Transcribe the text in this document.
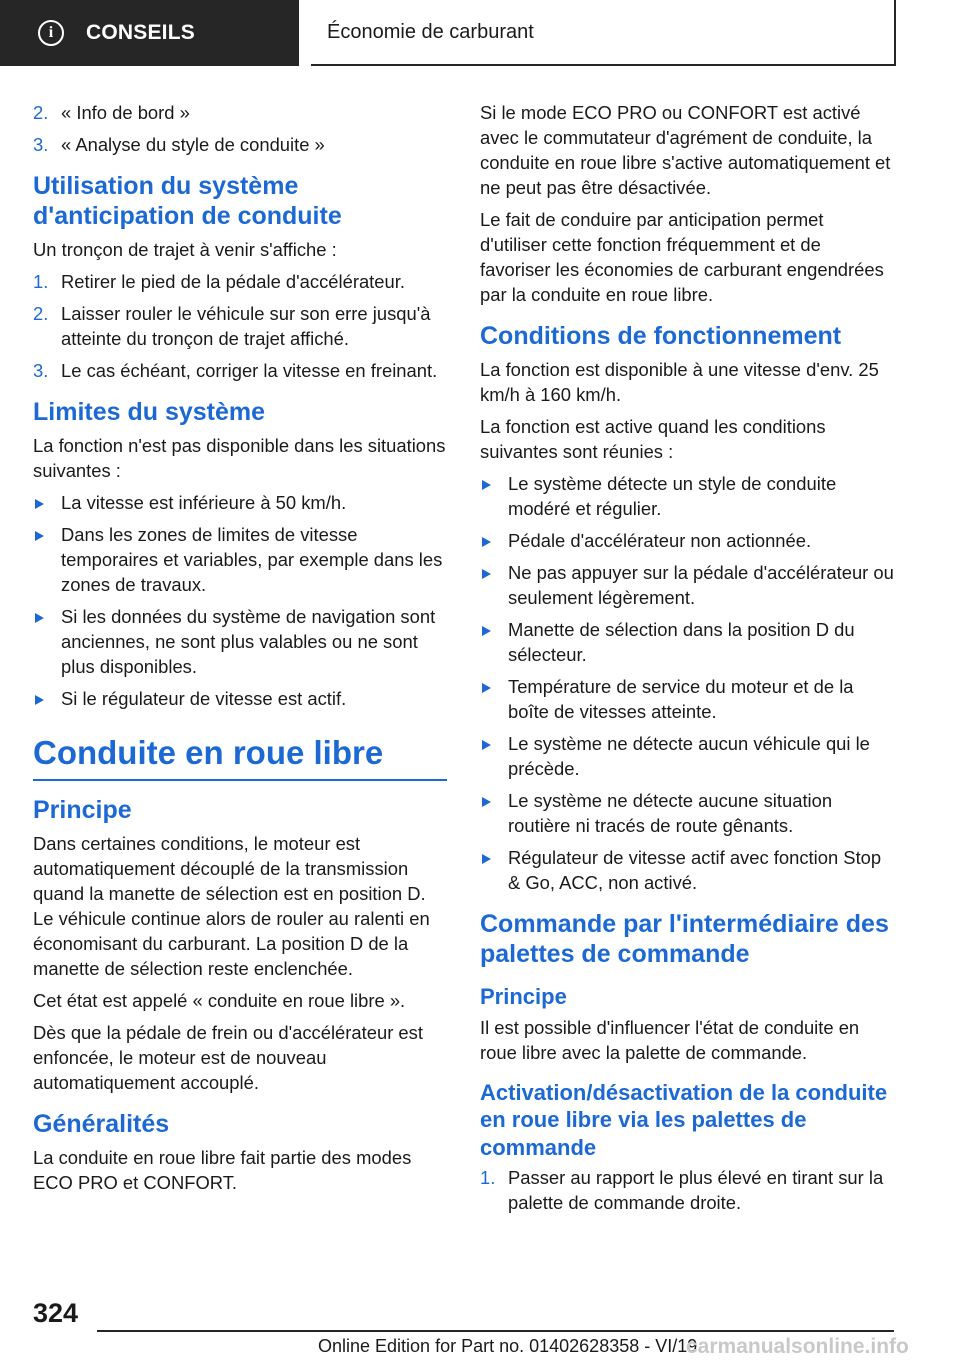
i	CONSEILS	Économie de carburant
2. « Info de bord »
3. « Analyse du style de conduite »
Utilisation du système d'anticipation de conduite

Un tronçon de trajet à venir s'affiche :

1. Retirer le pied de la pédale d'accélérateur.
2. Laisser rouler le véhicule sur son erre jusqu'à atteinte du tronçon de trajet affiché.
3. Le cas échéant, corriger la vitesse en freinant.
Limites du système

La fonction n'est pas disponible dans les situations suivantes :

La vitesse est inférieure à 50 km/h.
Dans les zones de limites de vitesse temporaires et variables, par exemple dans les zones de travaux.
Si les données du système de navigation sont anciennes, ne sont plus valables ou ne sont plus disponibles.
Si le régulateur de vitesse est actif.
Conduite en roue libre
Principe

Dans certaines conditions, le moteur est automatiquement découplé de la transmission quand la manette de sélection est en position D. Le véhicule continue alors de rouler au ralenti en économisant du carburant. La position D de la manette de sélection reste enclenchée.

Cet état est appelé « conduite en roue libre ».

Dès que la pédale de frein ou d'accélérateur est enfoncée, le moteur est de nouveau automatiquement accouplé.

Généralités

La conduite en roue libre fait partie des modes ECO PRO et CONFORT.

Si le mode ECO PRO ou CONFORT est activé avec le commutateur d'agrément de conduite, la conduite en roue libre s'active automatiquement et ne peut pas être désactivée.

Le fait de conduire par anticipation permet d'utiliser cette fonction fréquemment et de favoriser les économies de carburant engendrées par la conduite en roue libre.

Conditions de fonctionnement

La fonction est disponible à une vitesse d'env. 25 km/h à 160 km/h.

La fonction est active quand les conditions suivantes sont réunies :

Le système détecte un style de conduite modéré et régulier.
Pédale d'accélérateur non actionnée.
Ne pas appuyer sur la pédale d'accélérateur ou seulement légèrement.
Manette de sélection dans la position D du sélecteur.
Température de service du moteur et de la boîte de vitesses atteinte.
Le système ne détecte aucun véhicule qui le précède.
Le système ne détecte aucune situation routière ni tracés de route gênants.
Régulateur de vitesse actif avec fonction Stop & Go, ACC, non activé.
Commande par l'intermédiaire des palettes de commande
Principe

Il est possible d'influencer l'état de conduite en roue libre avec la palette de commande.

Activation/désactivation de la conduite en roue libre via les palettes de commande
1. Passer au rapport le plus élevé en tirant sur la palette de commande droite.
324
Online Edition for Part no. 01402628358 - VI/19
carmanualsonline.info
